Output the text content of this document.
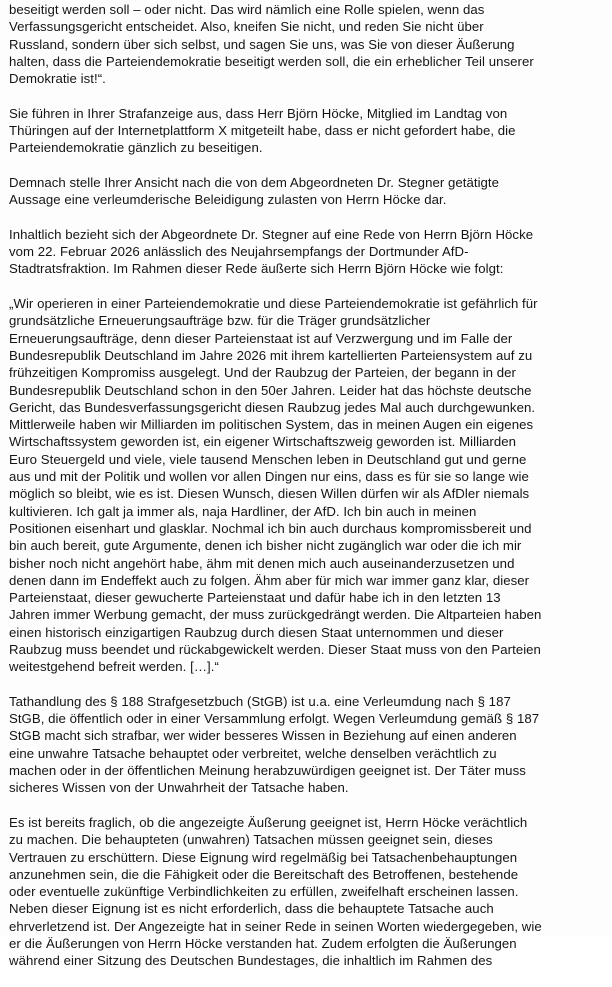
beseitigt werden soll – oder nicht. Das wird nämlich eine Rolle spielen, wenn das
Verfassungsgericht entscheidet. Also, kneifen Sie nicht, und reden Sie nicht über
Russland, sondern über sich selbst, und sagen Sie uns, was Sie von dieser Äußerung
halten, dass die Parteiendemokratie beseitigt werden soll, die ein erheblicher Teil unserer
Demokratie ist!“.
Sie führen in Ihrer Strafanzeige aus, dass Herr Björn Höcke, Mitglied im Landtag von
Thüringen auf der Internetplattform X mitgeteilt habe, dass er nicht gefordert habe, die
Parteiendemokratie gänzlich zu beseitigen.
Demnach stelle Ihrer Ansicht nach die von dem Abgeordneten Dr. Stegner getätigte
Aussage eine verleumderische Beleidigung zulasten von Herrn Höcke dar.
Inhaltlich bezieht sich der Abgeordnete Dr. Stegner auf eine Rede von Herrn Björn Höcke
vom 22. Februar 2026 anlässlich des Neujahrsempfangs der Dortmunder AfD-
Stadtratsfraktion. Im Rahmen dieser Rede äußerte sich Herrn Björn Höcke wie folgt:
„Wir operieren in einer Parteiendemokratie und diese Parteiendemokratie ist gefährlich für
grundsätzliche Erneuerungsaufträge bzw. für die Träger grundsätzlicher
Erneuerungsaufträge, denn dieser Parteienstaat ist auf Verzwergung und im Falle der
Bundesrepublik Deutschland im Jahre 2026 mit ihrem kartellierten Parteiensystem auf zu
frühzeitigen Kompromiss ausgelegt. Und der Raubzug der Parteien, der begann in der
Bundesrepublik Deutschland schon in den 50er Jahren. Leider hat das höchste deutsche
Gericht, das Bundesverfassungsgericht diesen Raubzug jedes Mal auch durchgewunken.
Mittlerweile haben wir Milliarden im politischen System, das in meinen Augen ein eigenes
Wirtschaftssystem geworden ist, ein eigener Wirtschaftszweig geworden ist. Milliarden
Euro Steuergeld und viele, viele tausend Menschen leben in Deutschland gut und gerne
aus und mit der Politik und wollen vor allen Dingen nur eins, dass es für sie so lange wie
möglich so bleibt, wie es ist. Diesen Wunsch, diesen Willen dürfen wir als AfDler niemals
kultivieren. Ich galt ja immer als, naja Hardliner, der AfD. Ich bin auch in meinen
Positionen eisenhart und glasklar. Nochmal ich bin auch durchaus kompromissbereit und
bin auch bereit, gute Argumente, denen ich bisher nicht zugänglich war oder die ich mir
bisher noch nicht angehört habe, ähm mit denen mich auch auseinanderzusetzen und
denen dann im Endeffekt auch zu folgen. Ähm aber für mich war immer ganz klar, dieser
Parteienstaat, dieser gewucherte Parteienstaat und dafür habe ich in den letzten 13
Jahren immer Werbung gemacht, der muss zurückgedrängt werden. Die Altparteien haben
einen historisch einzigartigen Raubzug durch diesen Staat unternommen und dieser
Raubzug muss beendet und rückabgewickelt werden. Dieser Staat muss von den Parteien
weitestgehend befreit werden. […].“
Tathandlung des § 188 Strafgesetzbuch (StGB) ist u.a. eine Verleumdung nach § 187
StGB, die öffentlich oder in einer Versammlung erfolgt. Wegen Verleumdung gemäß § 187
StGB macht sich strafbar, wer wider besseres Wissen in Beziehung auf einen anderen
eine unwahre Tatsache behauptet oder verbreitet, welche denselben verächtlich zu
machen oder in der öffentlichen Meinung herabzuwürdigen geeignet ist. Der Täter muss
sicheres Wissen von der Unwahrheit der Tatsache haben.
Es ist bereits fraglich, ob die angezeigte Äußerung geeignet ist, Herrn Höcke verächtlich
zu machen. Die behaupteten (unwahren) Tatsachen müssen geeignet sein, dieses
Vertrauen zu erschüttern. Diese Eignung wird regelmäßig bei Tatsachenbehauptungen
anzunehmen sein, die die Fähigkeit oder die Bereitschaft des Betroffenen, bestehende
oder eventuelle zukünftige Verbindlichkeiten zu erfüllen, zweifelhaft erscheinen lassen.
Neben dieser Eignung ist es nicht erforderlich, dass die behauptete Tatsache auch
ehrverletzend ist. Der Angezeigte hat in seiner Rede in seinen Worten wiedergegeben, wie
er die Äußerungen von Herrn Höcke verstanden hat. Zudem erfolgten die Äußerungen
während einer Sitzung des Deutschen Bundestages, die inhaltlich im Rahmen des
